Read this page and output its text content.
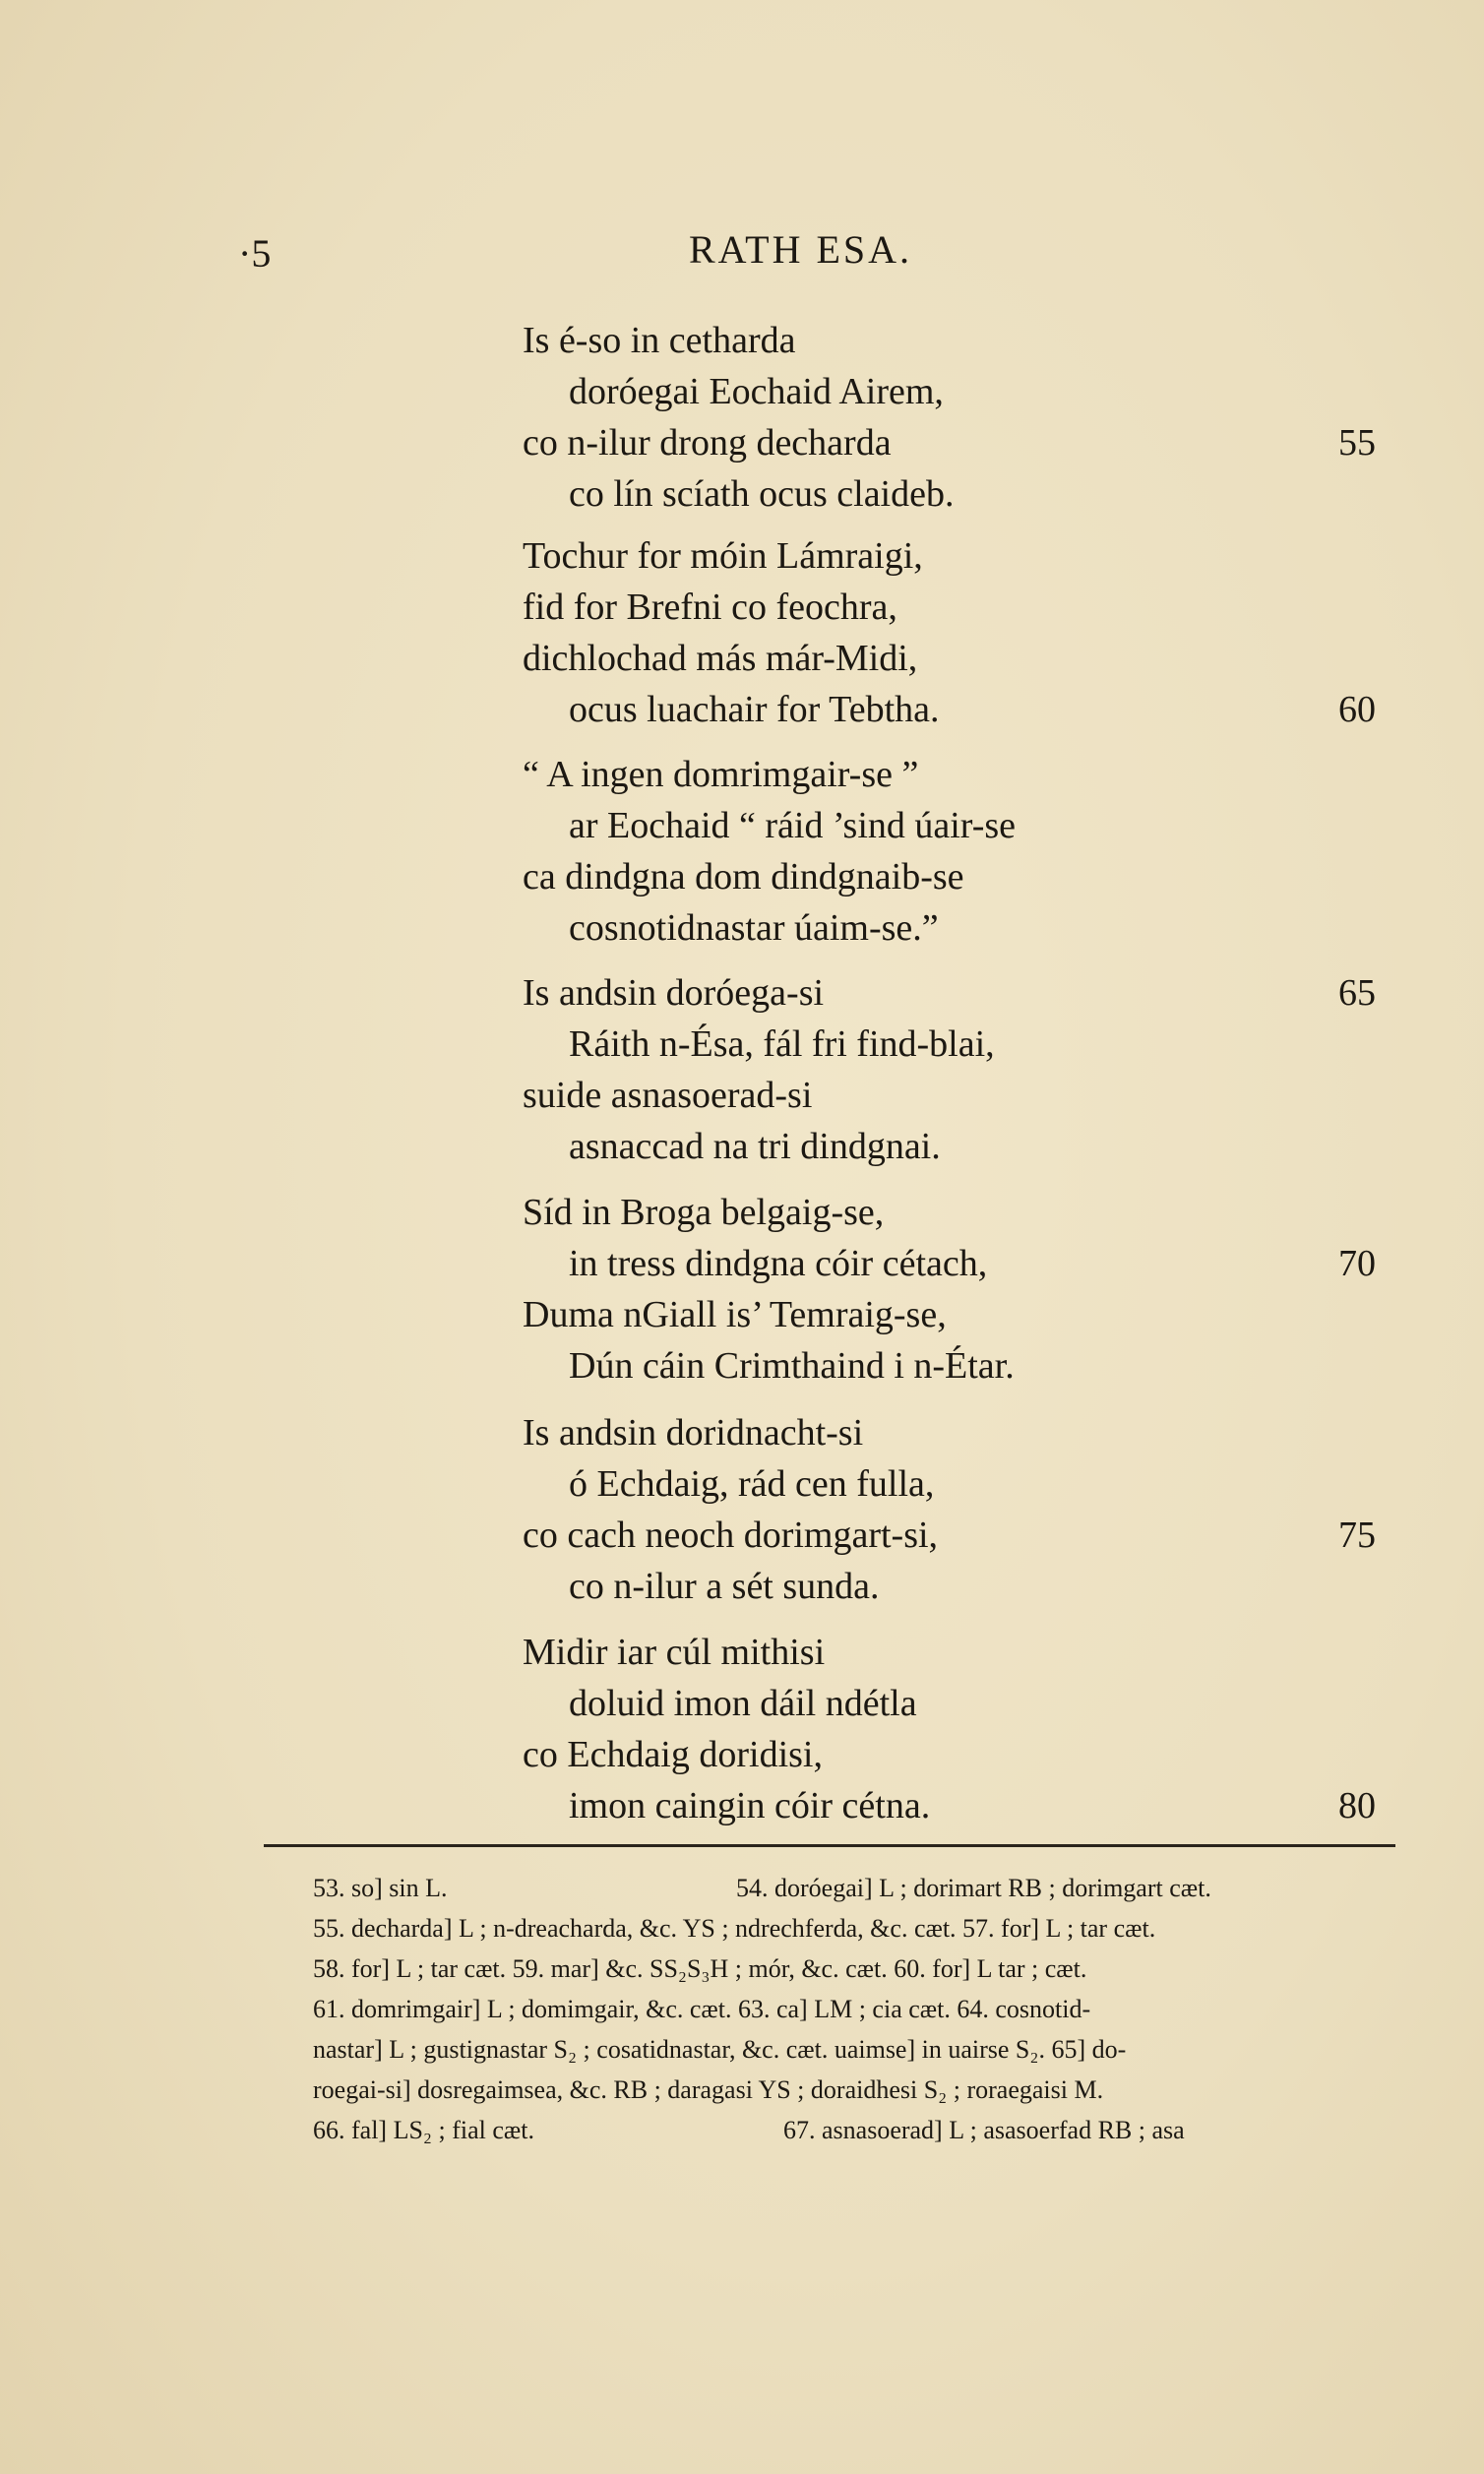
·5	RATH ESA.
Is é-so in cetharda
doróegai Eochaid Airem,
co n-ilur drong decharda
co lín scíath ocus claideb.
55
Tochur for móin Lámraigi,
fid for Brefni co feochra,
dichlochad más már-Midi,
ocus luachair for Tebtha.	60
“ A ingen domrimgair-se ”
ar Eochaid “ ráid ’sind úair-se
ca dindgna dom dindgnaib-se
cosnotidnastar úaim-se.”
Is andsin doróega-si
Ráith n-Ésa, fál fri find-blai,
suide asnasoerad-si
asnaccad na tri dindgnai.
65
Síd in Broga belgaig-se,
in tress dindgna cóir cétach,
Duma nGiall is’ Temraig-se,
Dún cáin Crimthaind i n-Étar.
70
Is andsin doridnacht-si
ó Echdaig, rád cen fulla,
co cach neoch dorimgart-si,
co n-ilur a sét sunda.
75
Midir iar cúl mithisi
doluid imon dáil ndétla
co Echdaig doridisi,
imon caingin cóir cétna.	80
53. so] sin L.	54. doróegai] L ; dorimart RB ; dorimgart cæt.
55. decharda] L ; n-dreacharda, &c. YS ; ndrechferda, &c. cæt. 57. for] L ; tar cæt.
58. for] L ; tar cæt. 59. mar] &c. SS₂S₃H ; mór, &c. cæt. 60. for] L tar ; cæt.
61. domrimgair] L ; domimgair, &c. cæt. 63. ca] LM ; cia cæt. 64. cosnotid-
nastar] L ; gustignastar S₂ ; cosatidnastar, &c. cæt. uaimse] in uairse S₂. 65] do-
roegai-si] dosregaimsea, &c. RB ; daragasi YS ; doraidhesi S₂ ; roraegaisi M.
66. fal] LS₂ ; fial cæt.	67. asnasoerad] L ; asasoerfad RB ; asa
